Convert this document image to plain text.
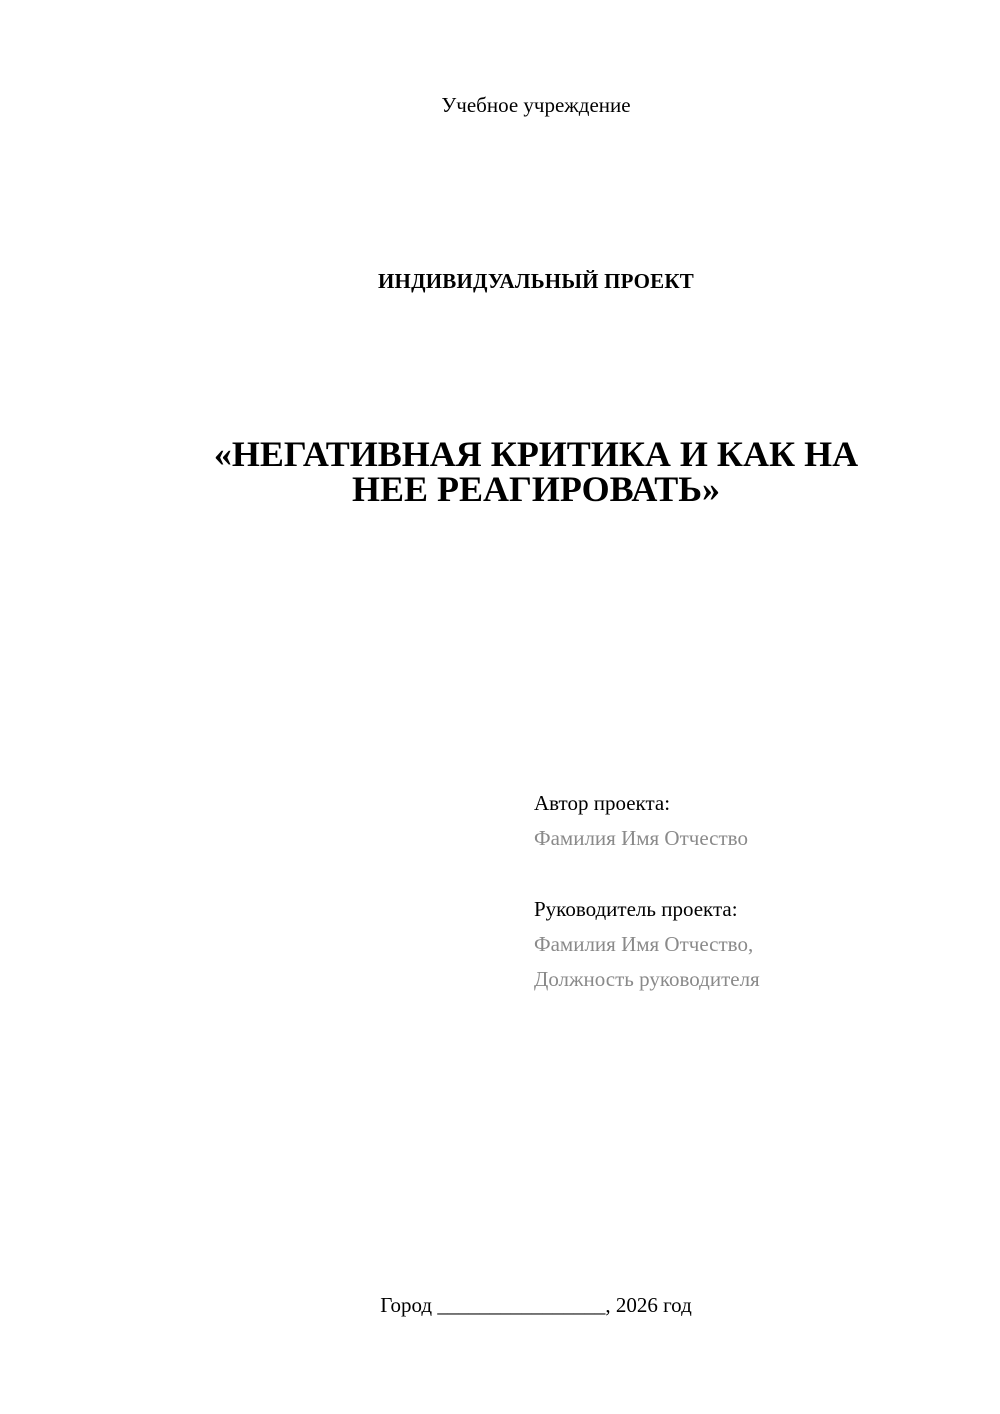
Учебное учреждение
ИНДИВИДУАЛЬНЫЙ ПРОЕКТ
«НЕГАТИВНАЯ КРИТИКА И КАК НА
НЕЕ РЕАГИРОВАТЬ»
Автор проекта:
Фамилия Имя Отчество
Руководитель проекта:
Фамилия Имя Отчество,
Должность руководителя
Город ________________, 2026 год
